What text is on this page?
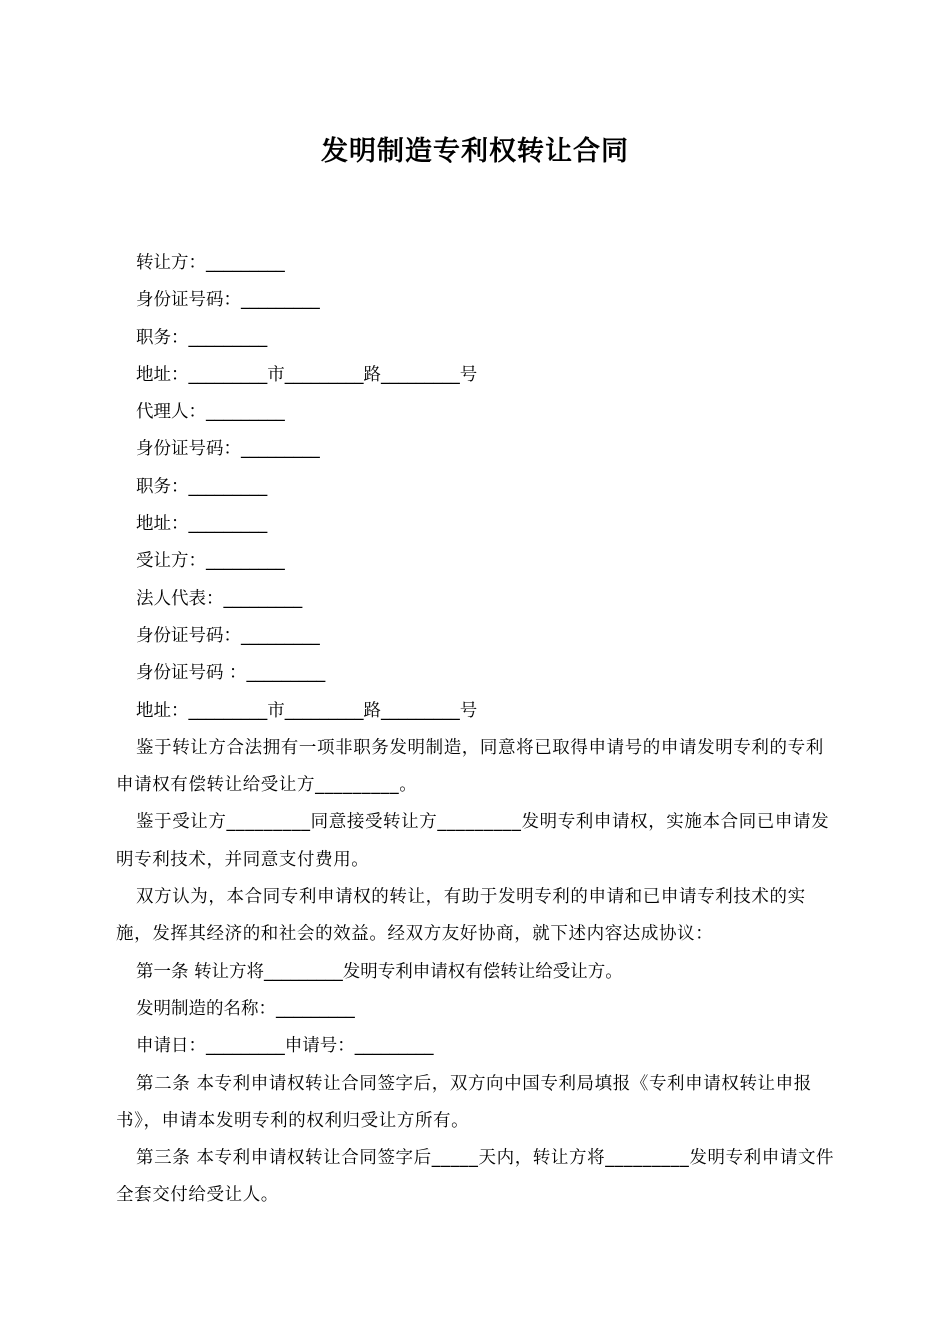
发明制造专利权转让合同
转让方：_________
身份证号码：_________
职务：_________
地址：_________市_________路_________号
代理人：_________
身份证号码：_________
职务：_________
地址：_________
受让方：_________
法人代表：_________
身份证号码：_________
身份证号码 ：_________
地址：_________市_________路_________号
鉴于转让方合法拥有一项非职务发明制造，同意将已取得申请号的申请发明专利的专利申请权有偿转让给受让方_________。
鉴于受让方_________同意接受转让方_________发明专利申请权，实施本合同已申请发明专利技术，并同意支付费用。
双方认为，本合同专利申请权的转让，有助于发明专利的申请和已申请专利技术的实施，发挥其经济的和社会的效益。经双方友好协商，就下述内容达成协议：
第一条 转让方将_________发明专利申请权有偿转让给受让方。
发明制造的名称：_________
申请日：_________申请号：_________
第二条 本专利申请权转让合同签字后，双方向中国专利局填报《专利申请权转让申报书》，申请本发明专利的权利归受让方所有。
第三条 本专利申请权转让合同签字后_____天内，转让方将_________发明专利申请文件全套交付给受让人。
